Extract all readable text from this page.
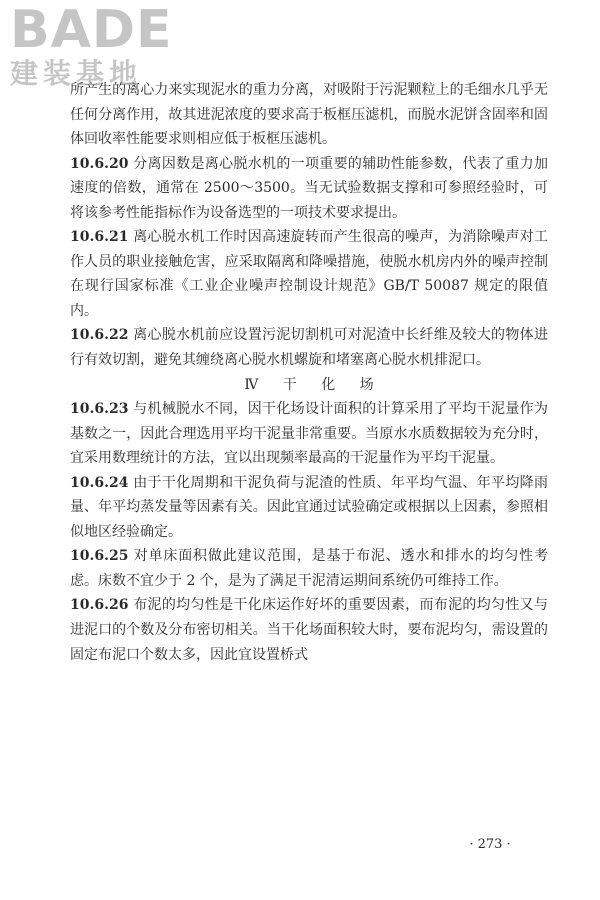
BADE
建装基地

所产生的离心力来实现泥水的重力分离，对吸附于污泥颗粒上的毛细水几乎无任何分离作用，故其进泥浓度的要求高于板框压滤机，而脱水泥饼含固率和固体回收率性能要求则相应低于板框压滤机。

10.6.20 分离因数是离心脱水机的一项重要的辅助性能参数，代表了重力加速度的倍数，通常在 2500～3500。当无试验数据支撑和可参照经验时，可将该参考性能指标作为设备选型的一项技术要求提出。

10.6.21 离心脱水机工作时因高速旋转而产生很高的噪声，为消除噪声对工作人员的职业接触危害，应采取隔离和降噪措施，使脱水机房内外的噪声控制在现行国家标准《工业企业噪声控制设计规范》GB/T 50087 规定的限值内。

10.6.22 离心脱水机前应设置污泥切割机可对泥渣中长纤维及较大的物体进行有效切割，避免其缠绕离心脱水机螺旋和堵塞离心脱水机排泥口。

Ⅳ 干 化 场

10.6.23 与机械脱水不同，因干化场设计面积的计算采用了平均干泥量作为基数之一，因此合理选用平均干泥量非常重要。当原水水质数据较为充分时，宜采用数理统计的方法，宜以出现频率最高的干泥量作为平均干泥量。

10.6.24 由于干化周期和干泥负荷与泥渣的性质、年平均气温、年平均降雨量、年平均蒸发量等因素有关。因此宜通过试验确定或根据以上因素，参照相似地区经验确定。

10.6.25 对单床面积做此建议范围，是基于布泥、透水和排水的均匀性考虑。床数不宜少于 2 个，是为了满足干泥清运期间系统仍可维持工作。

10.6.26 布泥的均匀性是干化床运作好坏的重要因素，而布泥的均匀性又与进泥口的个数及分布密切相关。当干化场面积较大时，要布泥均匀，需设置的固定布泥口个数太多，因此宜设置桥式

· 273 ·
